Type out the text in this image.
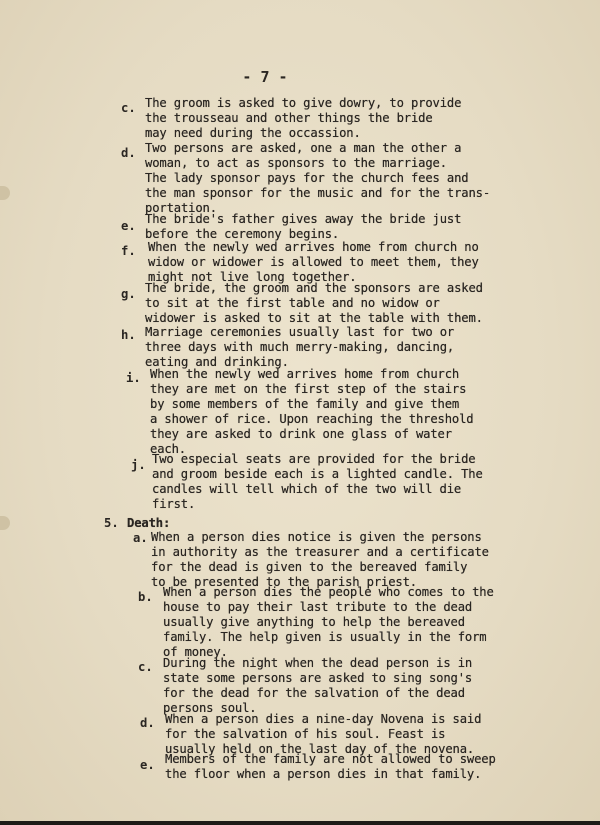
- 7 -
c. The groom is asked to give dowry, to provide
the trousseau and other things the bride
may need during the occassion.
d. Two persons are asked, one a man the other a
woman, to act as sponsors to the marriage.
The lady sponsor pays for the church fees and
the man sponsor for the music and for the trans-
portation.
e. The bride's father gives away the bride just
before the ceremony begins.
f. When the newly wed arrives home from church no
widow or widower is allowed to meet them, they
might not live long together.
g. The bride, the groom and the sponsors are asked
to sit at the first table and no widow or
widower is asked to sit at the table with them.
h. Marriage ceremonies usually last for two or
three days with much merry-making, dancing,
eating and drinking.
i. When the newly wed arrives home from church
they are met on the first step of the stairs
by some members of the family and give them
a shower of rice. Upon reaching the threshold
they are asked to drink one glass of water
each.
j. Two especial seats are provided for the bride
and groom beside each is a lighted candle. The
candles will tell which of the two will die
first.
5. Death:
a. When a person dies notice is given the persons
in authority as the treasurer and a certificate
for the dead is given to the bereaved family
to be presented to the parish priest.
b. When a person dies the people who comes to the
house to pay their last tribute to the dead
usually give anything to help the bereaved
family. The help given is usually in the form
of money.
c. During the night when the dead person is in
state some persons are asked to sing song's
for the dead for the salvation of the dead
persons soul.
d. When a person dies a nine-day Novena is said
for the salvation of his soul. Feast is
usually held on the last day of the novena.
e. Members of the family are not allowed to sweep
the floor when a person dies in that family.
